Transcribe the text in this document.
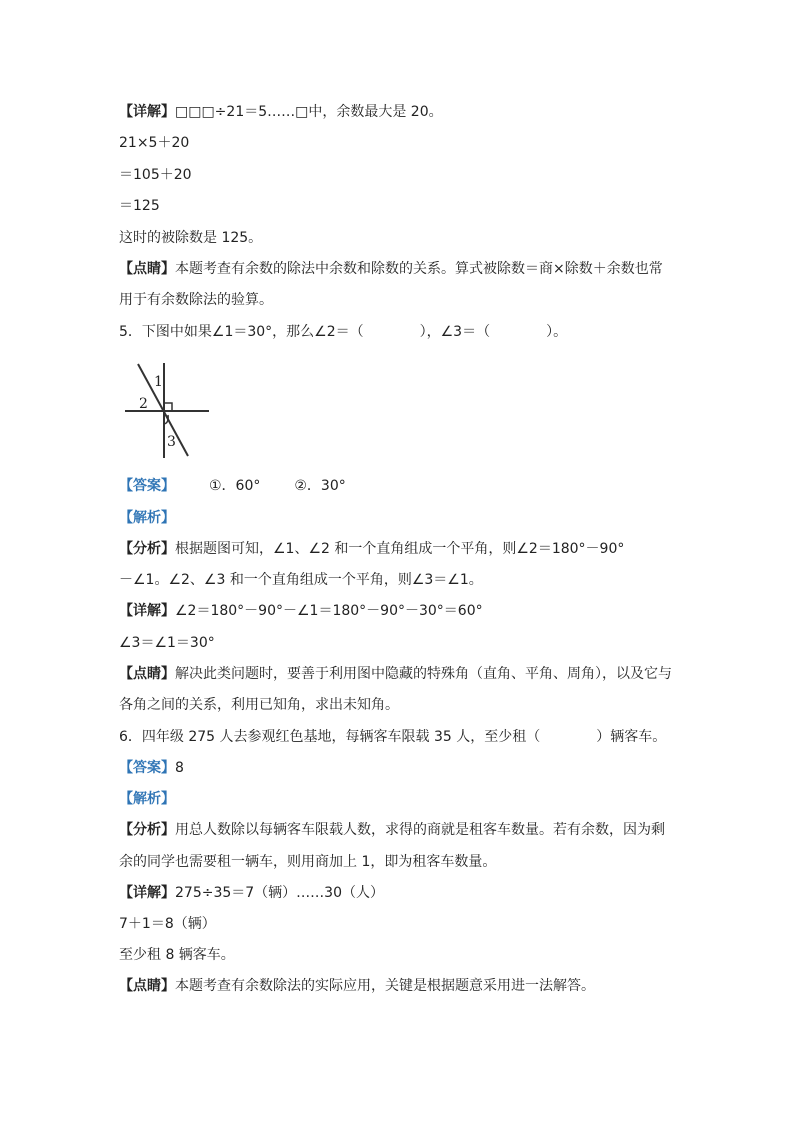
【详解】□□□÷21＝5……□中，余数最大是 20。
21×5＋20
＝105＋20
＝125
这时的被除数是 125。
【点睛】本题考查有余数的除法中余数和除数的关系。算式被除数＝商×除数＋余数也常
用于有余数除法的验算。
5．下图中如果∠1＝30°，那么∠2＝（　　　　），∠3＝（　　　　）。
1
2
3
【答案】 ①．60° ②．30°
【解析】
【分析】根据题图可知，∠1、∠2 和一个直角组成一个平角，则∠2＝180°－90°
－∠1。∠2、∠3 和一个直角组成一个平角，则∠3＝∠1。
【详解】∠2＝180°－90°－∠1＝180°－90°－30°＝60°
∠3＝∠1＝30°
【点睛】解决此类问题时，要善于利用图中隐藏的特殊角（直角、平角、周角），以及它与
各角之间的关系，利用已知角，求出未知角。
6．四年级 275 人去参观红色基地，每辆客车限载 35 人，至少租（　　　　）辆客车。
【答案】8
【解析】
【分析】用总人数除以每辆客车限载人数，求得的商就是租客车数量。若有余数，因为剩
余的同学也需要租一辆车，则用商加上 1，即为租客车数量。
【详解】275÷35＝7（辆）……30（人）
7＋1＝8（辆）
至少租 8 辆客车。
【点睛】本题考查有余数除法的实际应用，关键是根据题意采用进一法解答。
